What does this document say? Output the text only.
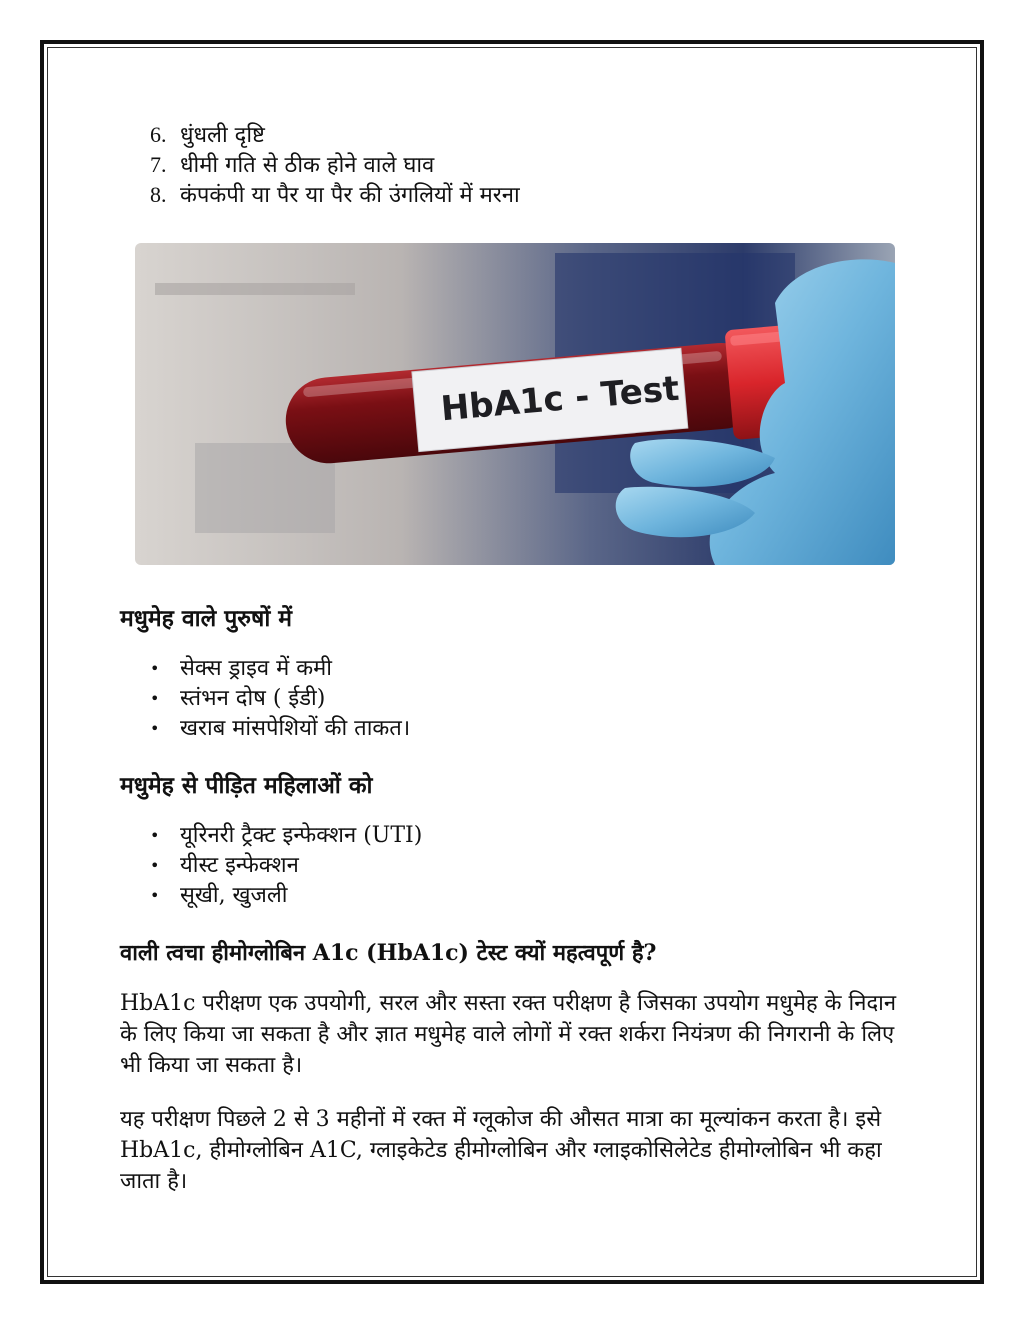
6. धुंधली दृष्टि
7. धीमी गति से ठीक होने वाले घाव
8. कंपकंपी या पैर या पैर की उंगलियों में मरना
HbA1c - Test
मधुमेह वाले पुरुषों में
• सेक्स ड्राइव में कमी
• स्तंभन दोष ( ईडी)
• खराब मांसपेशियों की ताकत।
मधुमेह से पीड़ित महिलाओं को
• यूरिनरी ट्रैक्ट इन्फेक्शन (UTI)
• यीस्ट इन्फेक्शन
• सूखी, खुजली
वाली त्वचा हीमोग्लोबिन A1c (HbA1c) टेस्ट क्यों महत्वपूर्ण है?

HbA1c परीक्षण एक उपयोगी, सरल और सस्ता रक्त परीक्षण है जिसका उपयोग मधुमेह के निदान के लिए किया जा सकता है और ज्ञात मधुमेह वाले लोगों में रक्त शर्करा नियंत्रण की निगरानी के लिए भी किया जा सकता है।

यह परीक्षण पिछले 2 से 3 महीनों में रक्त में ग्लूकोज की औसत मात्रा का मूल्यांकन करता है। इसे HbA1c, हीमोग्लोबिन A1C, ग्लाइकेटेड हीमोग्लोबिन और ग्लाइकोसिलेटेड हीमोग्लोबिन भी कहा जाता है।
